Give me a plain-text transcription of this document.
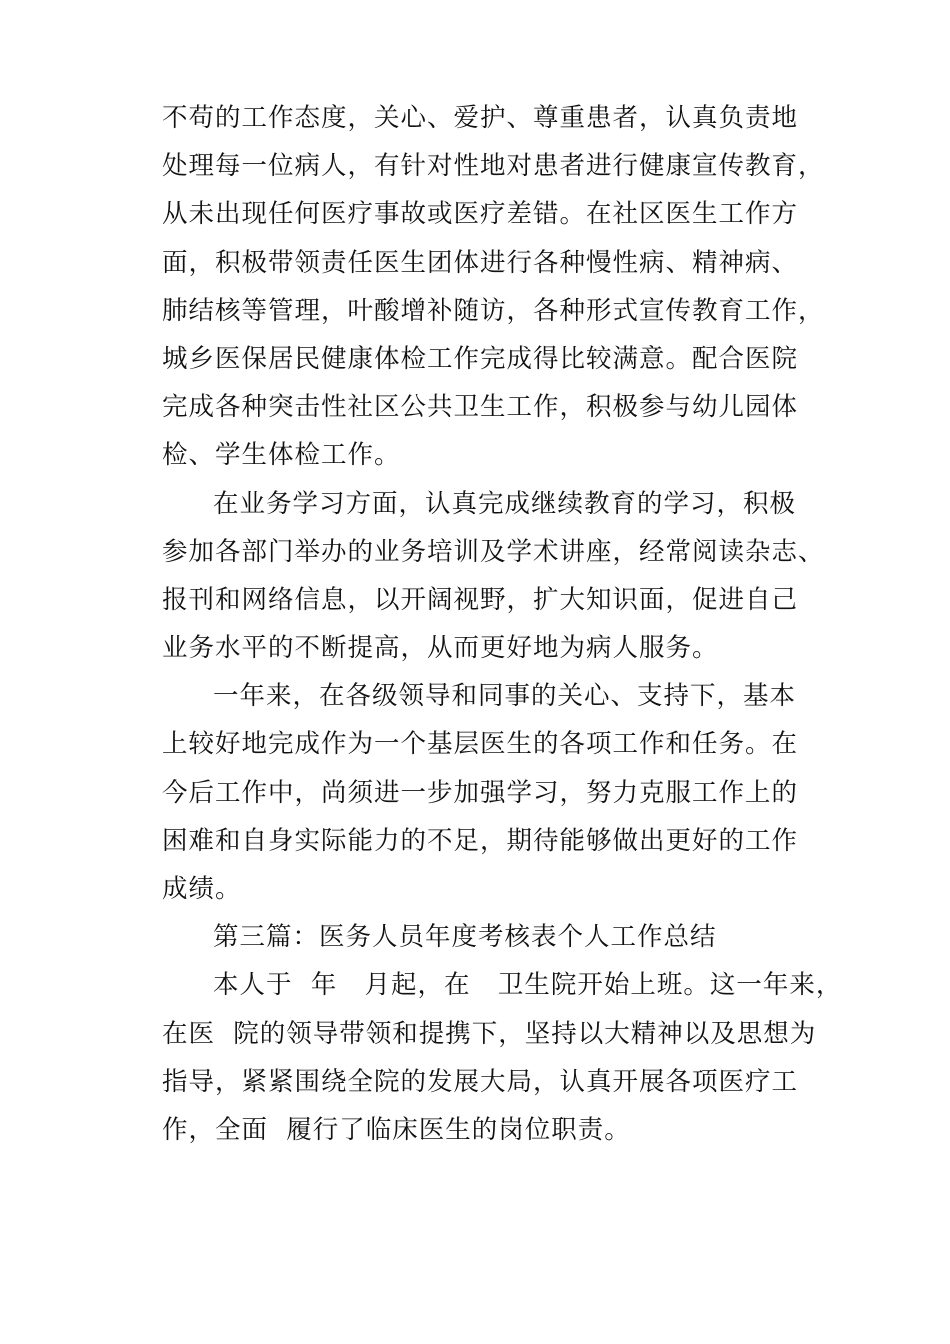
不苟的工作态度，关心、爱护、尊重患者，认真负责地
处理每一位病人，有针对性地对患者进行健康宣传教育，
从未出现任何医疗事故或医疗差错。在社区医生工作方
面，积极带领责任医生团体进行各种慢性病、精神病、
肺结核等管理，叶酸增补随访，各种形式宣传教育工作，
城乡医保居民健康体检工作完成得比较满意。配合医院
完成各种突击性社区公共卫生工作，积极参与幼儿园体
检、学生体检工作。
在业务学习方面，认真完成继续教育的学习，积极
参加各部门举办的业务培训及学术讲座，经常阅读杂志、
报刊和网络信息，以开阔视野，扩大知识面，促进自己
业务水平的不断提高，从而更好地为病人服务。
一年来，在各级领导和同事的关心、支持下，基本
上较好地完成作为一个基层医生的各项工作和任务。在
今后工作中，尚须进一步加强学习，努力克服工作上的
困难和自身实际能力的不足，期待能够做出更好的工作
成绩。
第三篇：医务人员年度考核表个人工作总结
本人于  年   月起，在   卫生院开始上班。这一年来，
在医  院的领导带领和提携下，坚持以大精神以及思想为
指导，紧紧围绕全院的发展大局，认真开展各项医疗工
作，全面  履行了临床医生的岗位职责。
